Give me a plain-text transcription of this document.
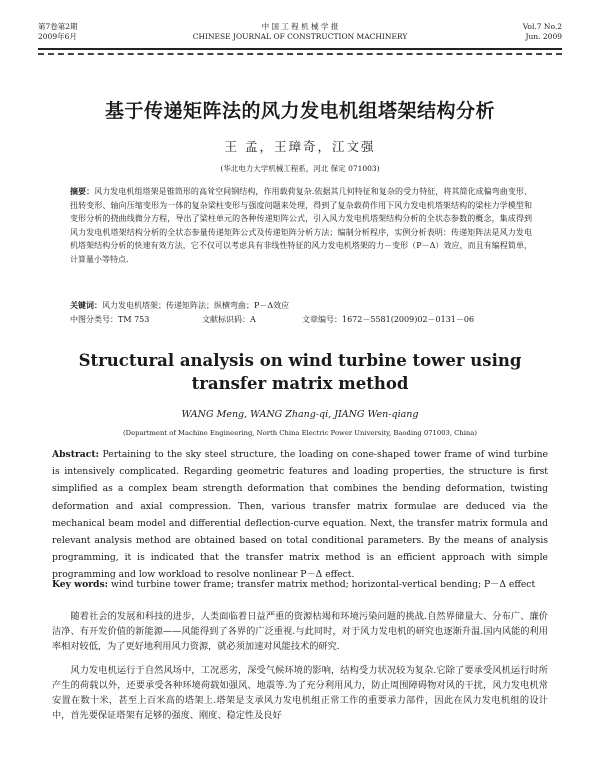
第7卷第2期
2009年6月
中 国 工 程 机 械 学 报
CHINESE JOURNAL OF CONSTRUCTION MACHINERY
Vol.7 No.2
Jun. 2009
基于传递矩阵法的风力发电机组塔架结构分析
王 孟，王璋奇，江文强
(华北电力大学机械工程系，河北 保定 071003)
摘要：风力发电机组塔架是锥筒形的高耸空间钢结构，作用载荷复杂.依据其几何特征和复杂的受力特征，将其简化成偏弯曲变形、扭转变形、轴向压缩变形为一体的复杂梁柱变形与强度问题来处理，得到了复杂载荷作用下风力发电机塔架结构的梁柱力学模型和变形分析的挠曲线微分方程，导出了梁柱单元的各种传递矩阵公式，引入风力发电机塔架结构分析的全状态参数的概念，集成得到风力发电机塔架结构分析的全状态参量传递矩阵公式及传递矩阵分析方法；编制分析程序，实例分析表明：传递矩阵法是风力发电机塔架结构分析的快速有效方法，它不仅可以考虑具有非线性特征的风力发电机塔架的力－变形（P－Δ）效应，而且有编程简单，计算量小等特点.
关键词：风力发电机塔架；传递矩阵法；纵横弯曲；P－Δ效应
中图分类号：TM 753	文献标识码：A	文章编号：1672－5581(2009)02－0131－06
Structural analysis on wind turbine tower using
transfer matrix method
WANG Meng, WANG Zhang-qi, JIANG Wen-qiang
(Department of Machine Engineering, North China Electric Power University, Baoding 071003, China)
Abstract: Pertaining to the sky steel structure, the loading on cone-shaped tower frame of wind turbine is intensively complicated. Regarding geometric features and loading properties, the structure is first simplified as a complex beam strength deformation that combines the bending deformation, twisting deformation and axial compression. Then, various transfer matrix formulae are deduced via the mechanical beam model and differential deflection-curve equation. Next, the transfer matrix formula and relevant analysis method are obtained based on total conditional parameters. By the means of analysis programming, it is indicated that the transfer matrix method is an efficient approach with simple programming and low workload to resolve nonlinear P－Δ effect.
Key words: wind turbine tower frame; transfer matrix method; horizontal-vertical bending; P－Δ effect

随着社会的发展和科技的进步，人类面临着日益严重的资源枯竭和环境污染问题的挑战.自然界储量大、分布广、廉价洁净、有开发价值的新能源——风能得到了各界的广泛重视.与此同时，对于风力发电机的研究也逐渐升温.国内风能的利用率相对较低，为了更好地利用风力资源，就必须加速对风能技术的研究.

风力发电机运行于自然风场中，工况恶劣，深受气候环境的影响，结构受力状况较为复杂.它除了要承受风机运行时所产生的荷载以外，还要承受各种环境荷载如强风、地震等.为了充分利用风力，防止周围障碍物对风的干扰，风力发电机常安置在数十米，甚至上百米高的塔架上.塔架是支承风力发电机组正常工作的重要承力部件，因此在风力发电机组的设计中，首先要保证塔架有足够的强度、刚度、稳定性及良好
